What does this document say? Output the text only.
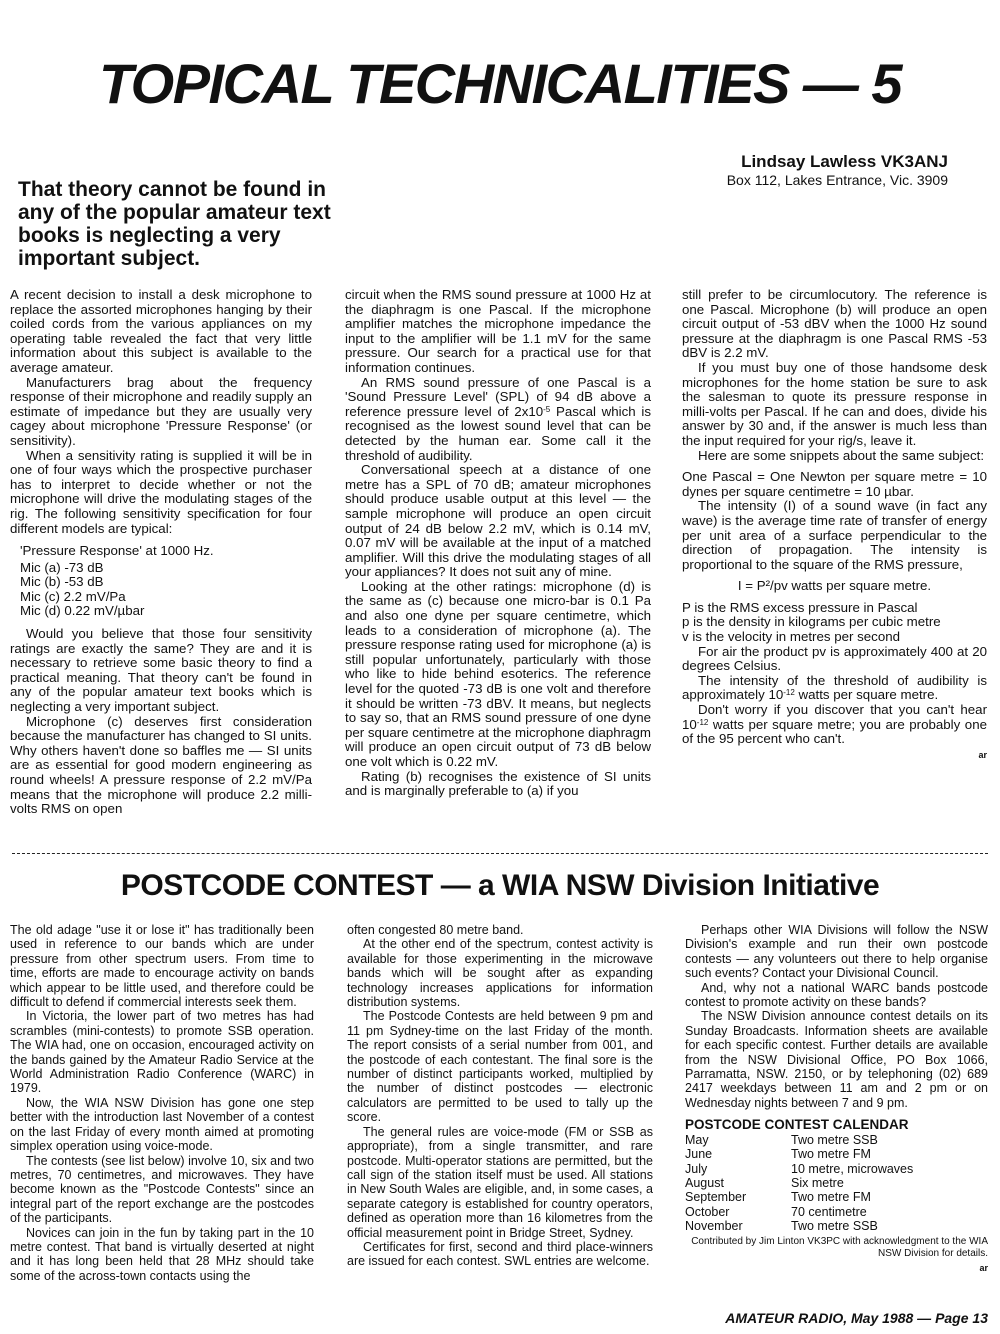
TOPICAL TECHNICALITIES — 5
Lindsay Lawless VK3ANJ
Box 112, Lakes Entrance, Vic. 3909
That theory cannot be found in any of the popular amateur text books is neglecting a very important subject.

A recent decision to install a desk microphone to replace the assorted microphones hanging by their coiled cords from the various appliances on my operating table revealed the fact that very little information about this subject is available to the average amateur.

Manufacturers brag about the frequency response of their microphone and readily supply an estimate of impedance but they are usually very cagey about microphone 'Pressure Response' (or sensitivity).

When a sensitivity rating is supplied it will be in one of four ways which the prospective purchaser has to interpret to decide whether or not the microphone will drive the modulating stages of the rig. The following sensitivity specification for four different models are typical:

'Pressure Response' at 1000 Hz.
Mic (a) -73 dB
Mic (b) -53 dB
Mic (c) 2.2 mV/Pa
Mic (d) 0.22 mV/µbar

Would you believe that those four sensitivity ratings are exactly the same? They are and it is necessary to retrieve some basic theory to find a practical meaning. That theory can't be found in any of the popular amateur text books which is neglecting a very important subject.

Microphone (c) deserves first consideration because the manufacturer has changed to SI units. Why others haven't done so baffles me — SI units are as essential for good modern engineering as round wheels! A pressure response of 2.2 mV/Pa means that the microphone will produce 2.2 milli-volts RMS on open

circuit when the RMS sound pressure at 1000 Hz at the diaphragm is one Pascal. If the microphone amplifier matches the microphone impedance the input to the amplifier will be 1.1 mV for the same pressure. Our search for a practical use for that information continues.

An RMS sound pressure of one Pascal is a 'Sound Pressure Level' (SPL) of 94 dB above a reference pressure level of $2x10^{-5}$ Pascal which is recognised as the lowest sound level that can be detected by the human ear. Some call it the threshold of audibility.

Conversational speech at a distance of one metre has a SPL of 70 dB; amateur microphones should produce usable output at this level — the sample microphone will produce an open circuit output of 24 dB below 2.2 mV, which is 0.14 mV, 0.07 mV will be available at the input of a matched amplifier. Will this drive the modulating stages of all your appliances? It does not suit any of mine.

Looking at the other ratings: microphone (d) is the same as (c) because one micro-bar is 0.1 Pa and also one dyne per square centimetre, which leads to a consideration of microphone (a). The pressure response rating used for microphone (a) is still popular unfortunately, particularly with those who like to hide behind esoterics. The reference level for the quoted -73 dB is one volt and therefore it should be written -73 dBV. It means, but neglects to say so, that an RMS sound pressure of one dyne per square centimetre at the microphone diaphragm will produce an open circuit output of 73 dB below one volt which is 0.22 mV.

Rating (b) recognises the existence of SI units and is marginally preferable to (a) if you

still prefer to be circumlocutory. The reference is one Pascal. Microphone (b) will produce an open circuit output of -53 dBV when the 1000 Hz sound pressure at the diaphragm is one Pascal RMS -53 dBV is 2.2 mV.

If you must buy one of those handsome desk microphones for the home station be sure to ask the salesman to quote its pressure response in milli-volts per Pascal. If he can and does, divide his answer by 30 and, if the answer is much less than the input required for your rig/s, leave it.

Here are some snippets about the same subject:

One Pascal = One Newton per square metre = 10 dynes per square centimetre = 10 µbar.

The intensity (I) of a sound wave (in fact any wave) is the average time rate of transfer of energy per unit area of a surface perpendicular to the direction of propagation. The intensity is proportional to the square of the RMS pressure,

I = P²/pv watts per square metre.

P is the RMS excess pressure in Pascal

p is the density in kilograms per cubic metre

v is the velocity in metres per second

For air the product pv is approximately 400 at 20 degrees Celsius.

The intensity of the threshold of audibility is approximately $10^{-12}$ watts per square metre.

Don't worry if you discover that you can't hear $10^{-12}$ watts per square metre; you are probably one of the 95 percent who can't.

ar
POSTCODE CONTEST — a WIA NSW Division Initiative

The old adage "use it or lose it" has traditionally been used in reference to our bands which are under pressure from other spectrum users. From time to time, efforts are made to encourage activity on bands which appear to be little used, and therefore could be difficult to defend if commercial interests seek them.

In Victoria, the lower part of two metres has had scrambles (mini-contests) to promote SSB operation. The WIA had, one on occasion, encouraged activity on the bands gained by the Amateur Radio Service at the World Administration Radio Conference (WARC) in 1979.

Now, the WIA NSW Division has gone one step better with the introduction last November of a contest on the last Friday of every month aimed at promoting simplex operation using voice-mode.

The contests (see list below) involve 10, six and two metres, 70 centimetres, and microwaves. They have become known as the "Postcode Contests" since an integral part of the report exchange are the postcodes of the participants.

Novices can join in the fun by taking part in the 10 metre contest. That band is virtually deserted at night and it has long been held that 28 MHz should take some of the across-town contacts using the

often congested 80 metre band.

At the other end of the spectrum, contest activity is available for those experimenting in the microwave bands which will be sought after as expanding technology increases applications for information distribution systems.

The Postcode Contests are held between 9 pm and 11 pm Sydney-time on the last Friday of the month. The report consists of a serial number from 001, and the postcode of each contestant. The final sore is the number of distinct participants worked, multiplied by the number of distinct postcodes — electronic calculators are permitted to be used to tally up the score.

The general rules are voice-mode (FM or SSB as appropriate), from a single transmitter, and rare postcode. Multi-operator stations are permitted, but the call sign of the station itself must be used. All stations in New South Wales are eligible, and, in some cases, a separate category is established for country operators, defined as operation more than 16 kilometres from the official measurement point in Bridge Street, Sydney.

Certificates for first, second and third place-winners are issued for each contest. SWL entries are welcome.

Perhaps other WIA Divisions will follow the NSW Division's example and run their own postcode contests — any volunteers out there to help organise such events? Contact your Divisional Council.

And, why not a national WARC bands postcode contest to promote activity on these bands?

The NSW Division announce contest details on its Sunday Broadcasts. Information sheets are available for each specific contest. Further details are available from the NSW Divisional Office, PO Box 1066, Parramatta, NSW. 2150, or by telephoning (02) 689 2417 weekdays between 11 am and 2 pm or on Wednesday nights between 7 and 9 pm.

POSTCODE CONTEST CALENDAR
May	Two metre SSB
June	Two metre FM
July	10 metre, microwaves
August	Six metre
September	Two metre FM
October	70 centimetre
November	Two metre SSB
Contributed by Jim Linton VK3PC with acknowledgment to the WIA NSW Division for details.
ar
AMATEUR RADIO, May 1988 — Page 13
